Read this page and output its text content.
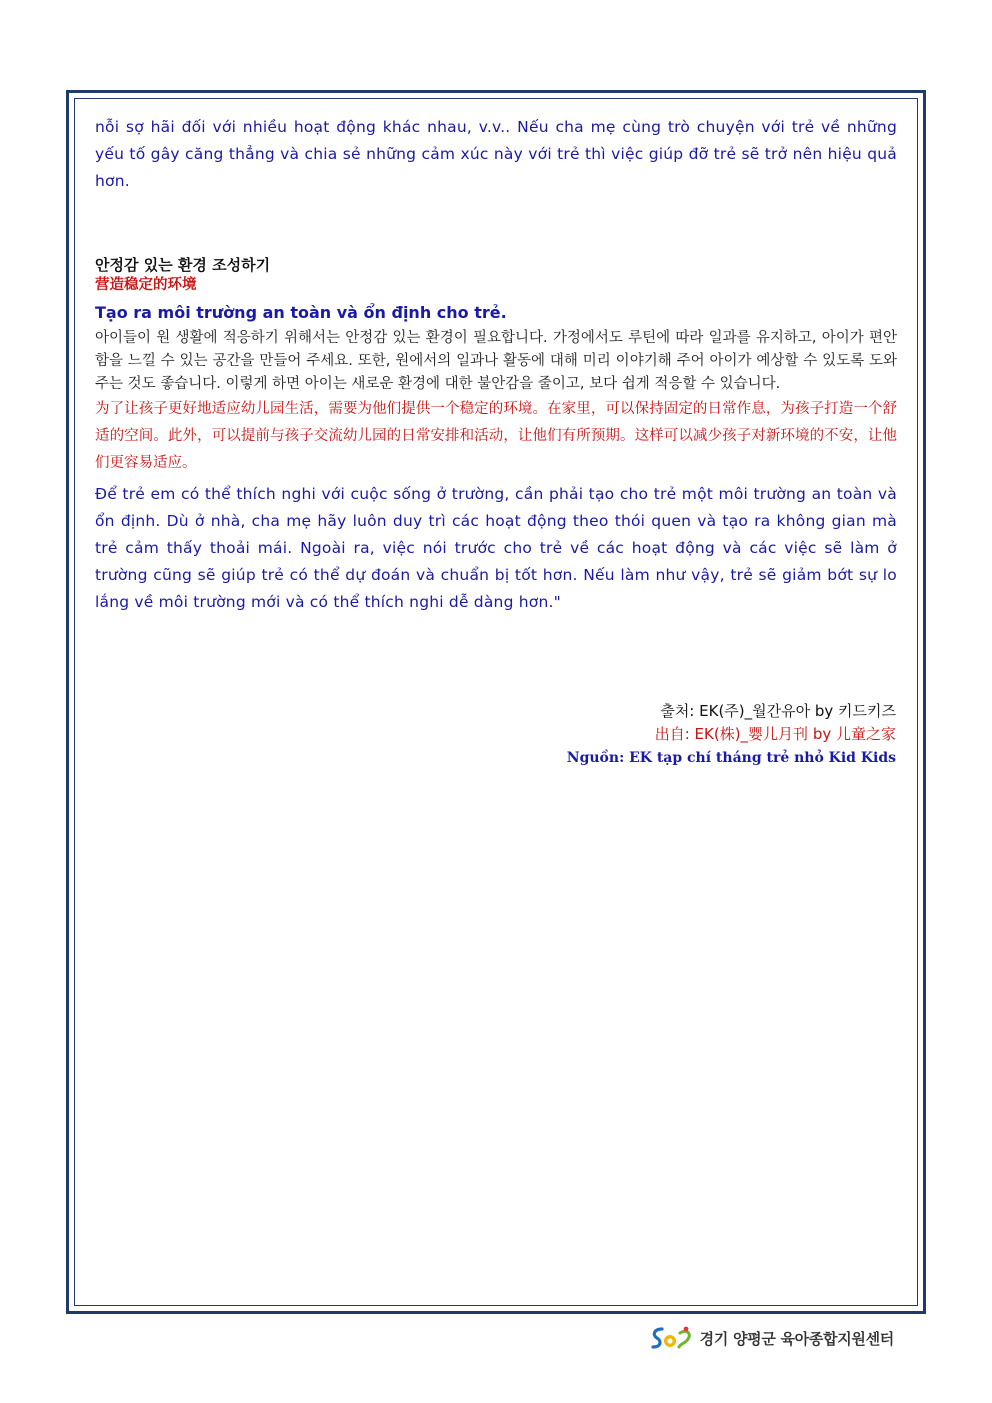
nỗi sợ hãi đối với nhiều hoạt động khác nhau, v.v.. Nếu cha mẹ cùng trò chuyện với trẻ về những yếu tố gây căng thẳng và chia sẻ những cảm xúc này với trẻ thì việc giúp đỡ trẻ sẽ trở nên hiệu quả hơn.

안정감 있는 환경 조성하기
营造稳定的环境
Tạo ra môi trường an toàn và ổn định cho trẻ.

아이들이 원 생활에 적응하기 위해서는 안정감 있는 환경이 필요합니다. 가정에서도 루틴에 따라 일과를 유지하고, 아이가 편안함을 느낄 수 있는 공간을 만들어 주세요. 또한, 원에서의 일과나 활동에 대해 미리 이야기해 주어 아이가 예상할 수 있도록 도와주는 것도 좋습니다. 이렇게 하면 아이는 새로운 환경에 대한 불안감을 줄이고, 보다 쉽게 적응할 수 있습니다.

为了让孩子更好地适应幼儿园生活，需要为他们提供一个稳定的环境。在家里，可以保持固定的日常作息，为孩子打造一个舒适的空间。此外，可以提前与孩子交流幼儿园的日常安排和活动，让他们有所预期。这样可以减少孩子对新环境的不安，让他们更容易适应。

Để trẻ em có thể thích nghi với cuộc sống ở trường, cần phải tạo cho trẻ một môi trường an toàn và ổn định. Dù ở nhà, cha mẹ hãy luôn duy trì các hoạt động theo thói quen và tạo ra không gian mà trẻ cảm thấy thoải mái. Ngoài ra, việc nói trước cho trẻ về các hoạt động và các việc sẽ làm ở trường cũng sẽ giúp trẻ có thể dự đoán và chuẩn bị tốt hơn. Nếu làm như vậy, trẻ sẽ giảm bớt sự lo lắng về môi trường mới và có thể thích nghi dễ dàng hơn."

출처: EK(주)_월간유아 by 키드키즈
出自: EK(株)_婴儿月刊 by 儿童之家
Nguồn: EK tạp chí tháng trẻ nhỏ Kid Kids
경기 양평군 육아종합지원센터
